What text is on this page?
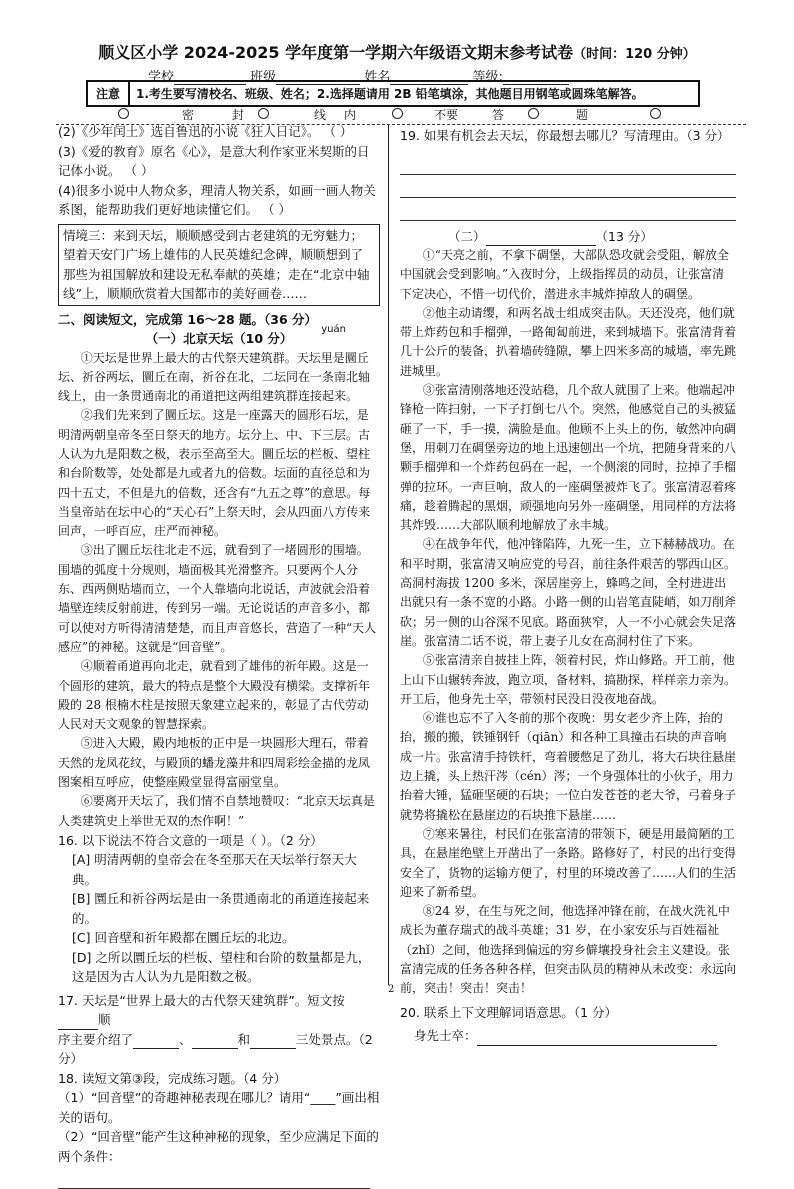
顺义区小学 2024-2025 学年度第一学期六年级语文期末参考试卷（时间：120 分钟）
学校	班级	姓名	等级:
注意	1.考生要写清校名、班级、姓名；2.选择题请用 2B 铅笔填涂，其他题目用钢笔或圆珠笔解答。
密	封	线 内	不要	答	题

(2)《少年闰土》选自鲁迅的小说《狂人日记》。 （ ）

(3)《爱的教育》原名《心》，是意大利作家亚米契斯的日记体小说。 （ ）

(4)很多小说中人物众多，理清人物关系，如画一画人物关系图，能帮助我们更好地读懂它们。 （ ）

情境三：来到天坛，顺顺感受到古老建筑的无穷魅力；望着天安门广场上雄伟的人民英雄纪念碑，顺顺想到了那些为祖国解放和建设无私奉献的英雄；走在“北京中轴线”上，顺顺欣赏着大国都市的美好画卷……

二、阅读短文，完成第 16～28 题。（36 分）

（一）北京天坛（10 分）
yuán

①天坛是世界上最大的古代祭天建筑群。天坛里是圜丘坛、祈谷两坛，圜丘在南，祈谷在北，二坛同在一条南北轴线上，由一条贯通南北的甬道把这两组建筑群连接起来。

②我们先来到了圜丘坛。这是一座露天的圆形石坛，是明清两朝皇帝冬至日祭天的地方。坛分上、中、下三层。古人认为九是阳数之极，表示至高至大。圜丘坛的栏板、望柱和台阶数等，处处都是九或者九的倍数。坛面的直径总和为四十五丈，不但是九的倍数，还含有“九五之尊”的意思。每当皇帝站在坛中心的“天心石”上祭天时，会从四面八方传来回声，一呼百应，庄严而神秘。

③出了圜丘坛往北走不远，就看到了一堵圆形的围墙。围墙的弧度十分规则，墙面极其光滑整齐。只要两个人分东、西两侧贴墙而立，一个人靠墙向北说话，声波就会沿着墙壁连续反射前进，传到另一端。无论说话的声音多小，都可以使对方听得清清楚楚，而且声音悠长，营造了一种“天人感应”的神秘。这就是“回音壁”。

④顺着甬道再向北走，就看到了雄伟的祈年殿。这是一个圆形的建筑，最大的特点是整个大殿没有横梁。支撑祈年殿的 28 根楠木柱是按照天象建立起来的，彰显了古代劳动人民对天文观象的智慧探索。

⑤进入大殿，殿内地板的正中是一块圆形大理石，带着天然的龙凤花纹，与殿顶的蟠龙藻井和四周彩绘金描的龙凤图案相互呼应，使整座殿堂显得富丽堂皇。

⑥要离开天坛了，我们情不自禁地赞叹：“北京天坛真是人类建筑史上举世无双的杰作啊！”

16. 以下说法不符合文意的一项是（ ）。（2 分）

[A] 明清两朝的皇帝会在冬至那天在天坛举行祭天大典。

[B] 圜丘和祈谷两坛是由一条贯通南北的甬道连接起来的。

[C] 回音壁和祈年殿都在圜丘坛的北边。

[D] 之所以圜丘坛的栏板、望柱和台阶的数量都是九，这是因为古人认为九是阳数之极。

17. 天坛是“世界上最大的古代祭天建筑群”。短文按顺

序主要介绍了	、	和	三处景点。（2 分）

18. 读短文第③段，完成练习题。（4 分）

（1）“回音壁”的奇趣神秘表现在哪儿？请用“____”画出相关的语句。

（2）“回音壁”能产生这种神秘的现象，至少应满足下面的两个条件：

19. 如果有机会去天坛，你最想去哪儿？写清理由。（3 分）

（二）	（13 分）

①“天亮之前，不拿下碉堡，大部队恐攻就会受阻，解放全中国就会受到影响。”入夜时分，上级指挥员的动员，让张富清下定决心，不惜一切代价，潜进永丰城炸掉敌人的碉堡。

②他主动请缨，和两名战士组成突击队。天还没亮，他们就带上炸药包和手榴弹，一路匍匐前进，来到城墙下。张富清背着几十公斤的装备，扒着墙砖缝隙，攀上四米多高的城墙，率先跳进城里。

③张富清刚落地还没站稳，几个敌人就围了上来。他端起冲锋枪一阵扫射，一下子打倒七八个。突然，他感觉自己的头被猛砸了一下，手一摸，满脸是血。他顾不上头上的伤，敏然冲向碉堡，用刺刀在碉堡旁边的地上迅速刨出一个坑，把随身背来的八颗手榴弹和一个炸药包码在一起，一个侧滚的同时，拉掉了手榴弹的拉环。一声巨响，敌人的一座碉堡被炸飞了。张富清忍着疼痛，趁着腾起的黑烟，顽强地向另外一座碉堡，用同样的方法将其炸毁……大部队顺利地解放了永丰城。

④在战争年代，他冲锋陷阵，九死一生，立下赫赫战功。在和平时期，张富清又响应党的号召，前往条件艰苦的鄂西山区。高洞村海拔 1200 多米，深居崖旁上，蜂鸣之间，全村进进出出就只有一条不宽的小路。小路一侧的山岩笔直陡峭，如刀削斧砍；另一侧的山谷深不见底。路面狭窄，人一不小心就会失足落崖。张富清二话不说，带上妻子儿女在高洞村住了下来。

⑤张富清亲自披挂上阵，领着村民，炸山修路。开工前，他上山下山辗转奔波，跑立项，备材料，搞勘探，样样亲力亲为。开工后，他身先士卒，带领村民没日没夜地奋战。

⑥谁也忘不了入冬前的那个夜晚：男女老少齐上阵，抬的抬，搬的搬，铁锤钢钎（qiān）和各种工具撞击石块的声音响成一片。张富清手持铁杆，弯着腰憋足了劲儿，将大石块往悬崖边上撬，头上热汗涔（cén）涔；一个身强体壮的小伙子，用力抬着大锤，猛砸坚硬的石块；一位白发苍苍的老大爷，弓着身子就势将撬松在悬崖边的石块推下悬崖……

⑦寒来暑往，村民们在张富清的带领下，硬是用最简陋的工具，在悬崖绝壁上开凿出了一条路。路修好了，村民的出行变得安全了，货物的运输方便了，村里的环境改善了……人们的生活迎来了新希望。

⑧24 岁，在生与死之间，他选择冲锋在前，在战火洗礼中成长为董存瑞式的战斗英雄；31 岁，在小家安乐与百姓福祉（zhǐ）之间，他选择到偏远的穷乡僻壤投身社会主义建设。张富清完成的任务各种各样，但突击队员的精神从未改变：永远向前，突击！突击！突击！

20. 联系上下文理解词语意思。（1 分）

身先士卒：

2
